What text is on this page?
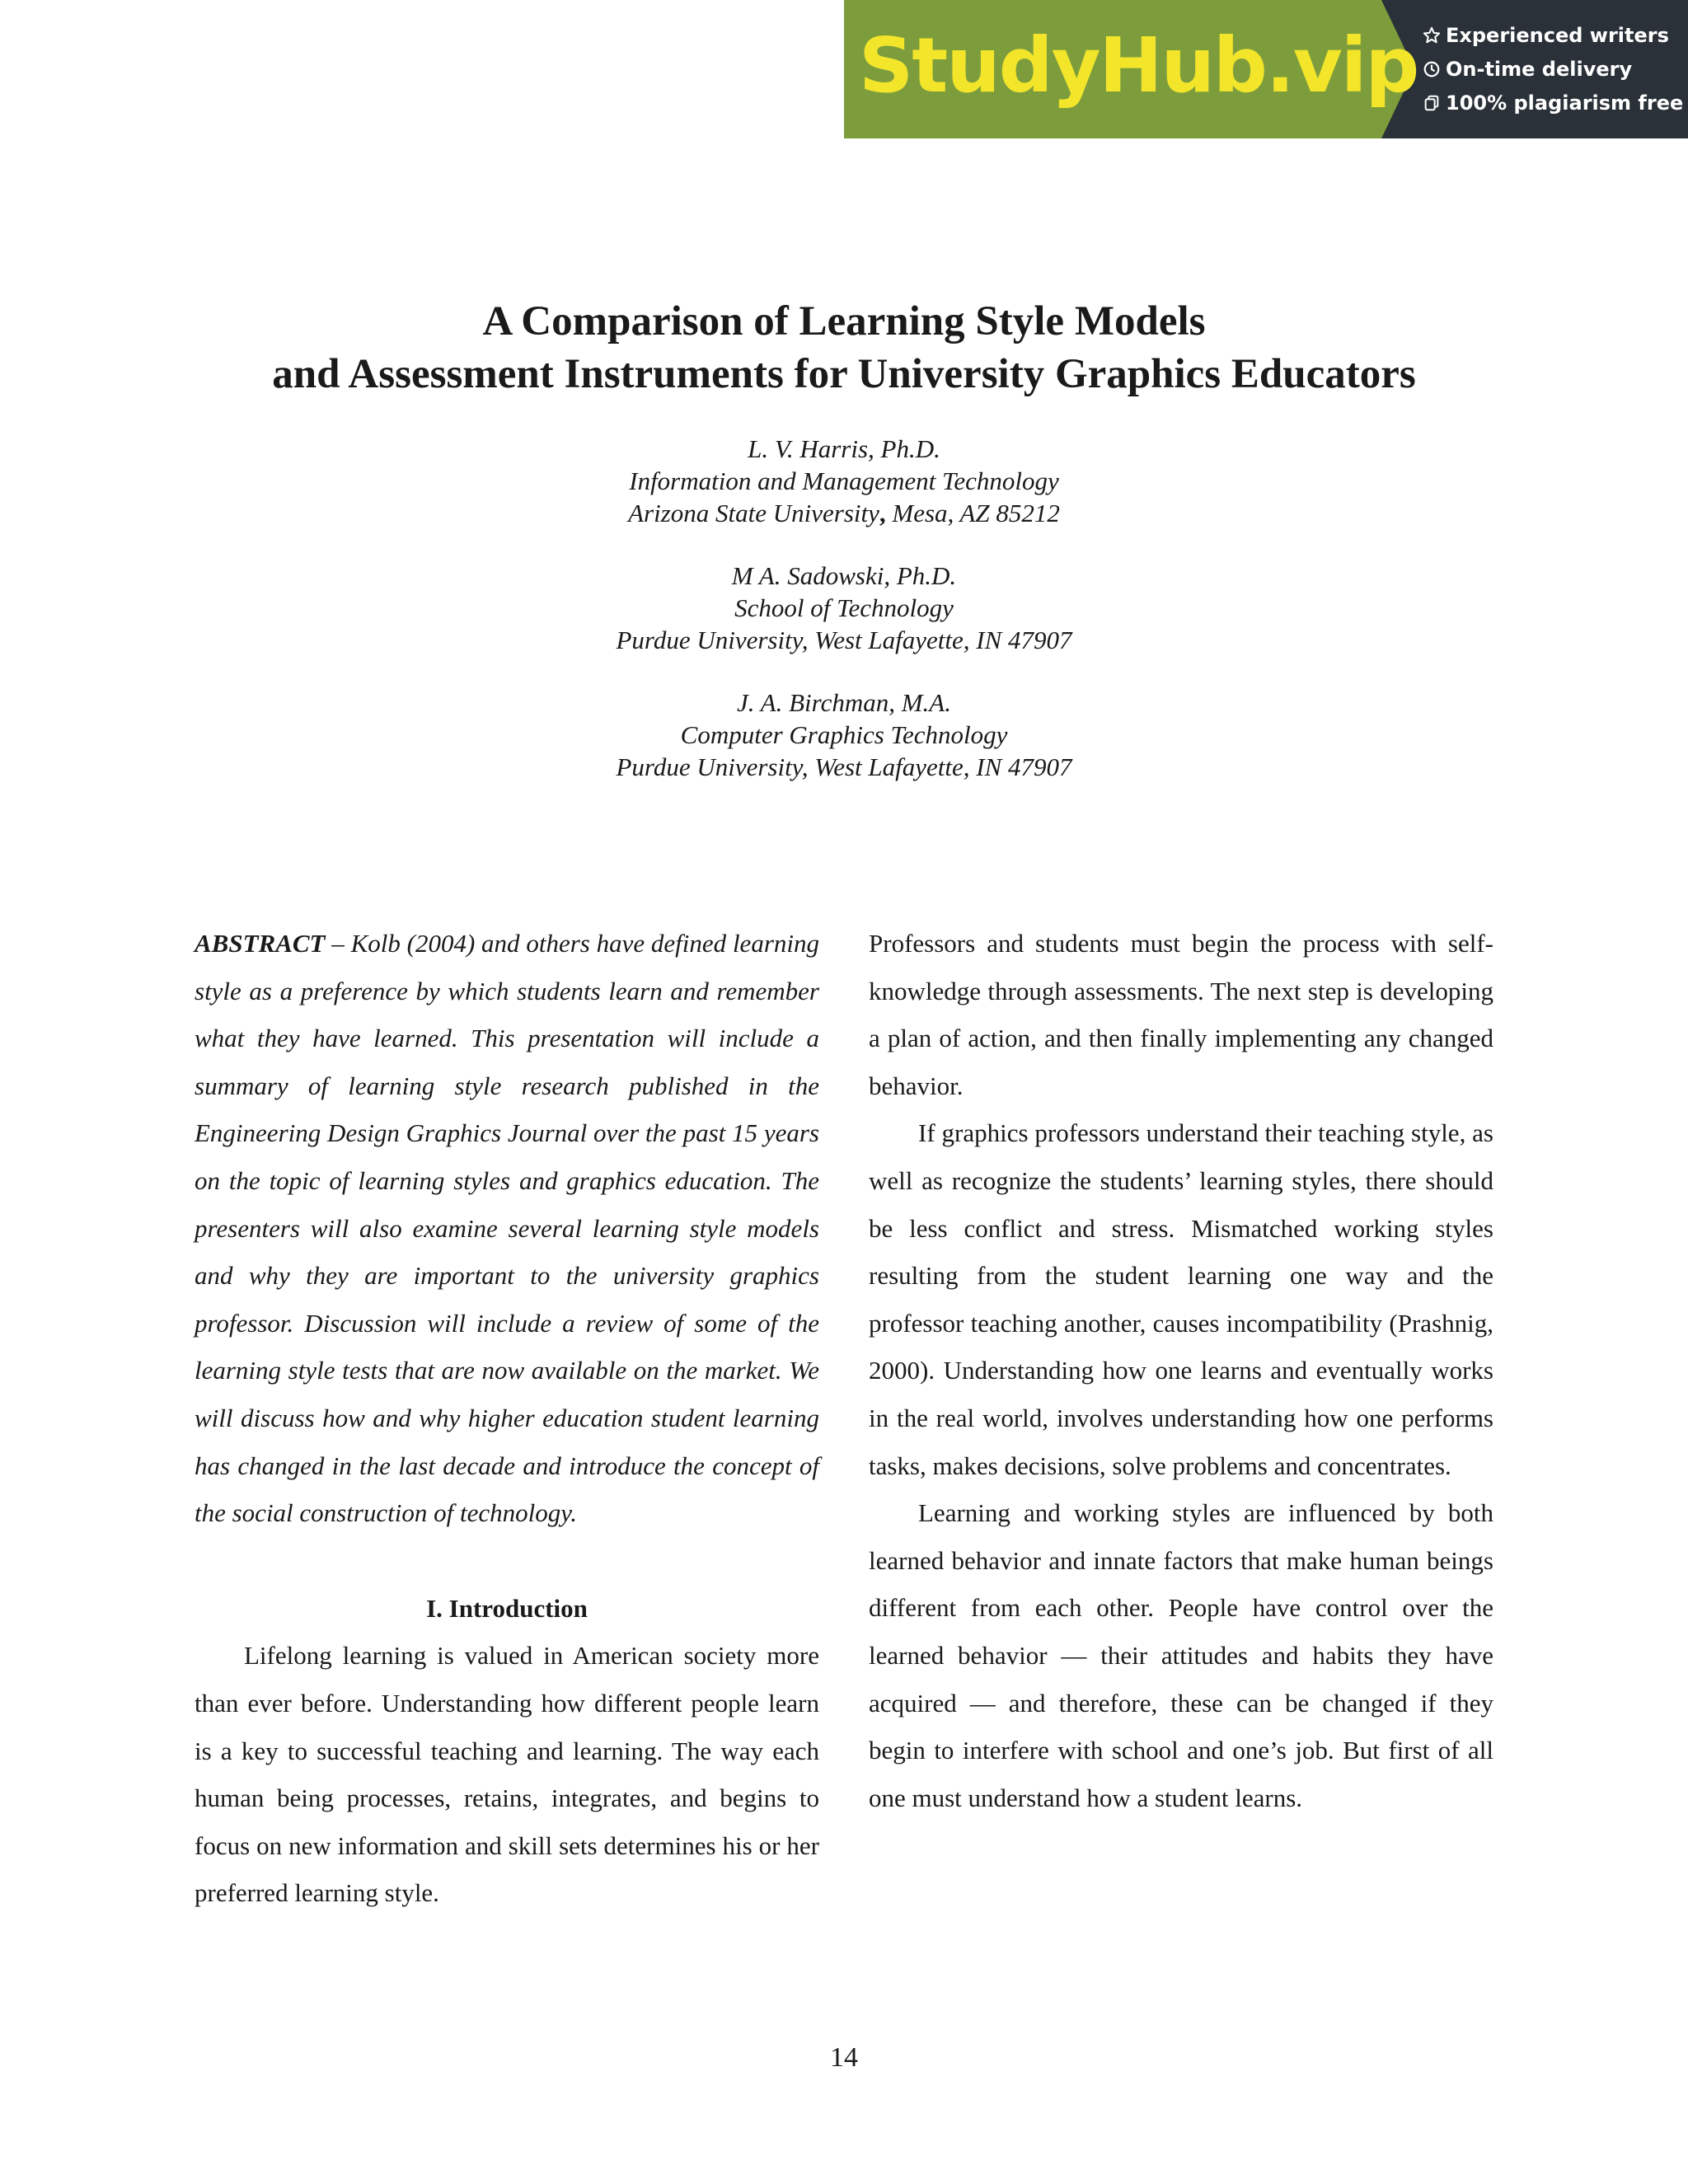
StudyHub.vip Experienced writers
On-time delivery
100% plagiarism free
A Comparison of Learning Style Models
and Assessment Instruments for University Graphics Educators
L. V. Harris, Ph.D.
Information and Management Technology
Arizona State University, Mesa, AZ 85212
M A. Sadowski, Ph.D.
School of Technology
Purdue University, West Lafayette, IN 47907
J. A. Birchman, M.A.
Computer Graphics Technology
Purdue University, West Lafayette, IN 47907

ABSTRACT – Kolb (2004) and others have defined learning style as a preference by which students learn and remember what they have learned. This presentation will include a summary of learning style research published in the Engineering Design Graphics Journal over the past 15 years on the topic of learning styles and graphics education. The presenters will also examine several learning style models and why they are important to the university graphics professor. Discussion will include a review of some of the learning style tests that are now available on the market. We will discuss how and why higher education student learning has changed in the last decade and introduce the concept of the social construction of technology.

I. Introduction

Lifelong learning is valued in American society more than ever before. Understanding how different people learn is a key to successful teaching and learning. The way each human being processes, retains, integrates, and begins to focus on new information and skill sets determines his or her preferred learning style.

Professors and students must begin the process with self-knowledge through assessments. The next step is developing a plan of action, and then finally implementing any changed behavior.

If graphics professors understand their teaching style, as well as recognize the students’ learning styles, there should be less conflict and stress. Mismatched working styles resulting from the student learning one way and the professor teaching another, causes incompatibility (Prashnig, 2000). Understanding how one learns and eventually works in the real world, involves understanding how one performs tasks, makes decisions, solve problems and concentrates.

Learning and working styles are influenced by both learned behavior and innate factors that make human beings different from each other. People have control over the learned behavior — their attitudes and habits they have acquired — and therefore, these can be changed if they begin to interfere with school and one’s job. But first of all one must understand how a student learns.

14
